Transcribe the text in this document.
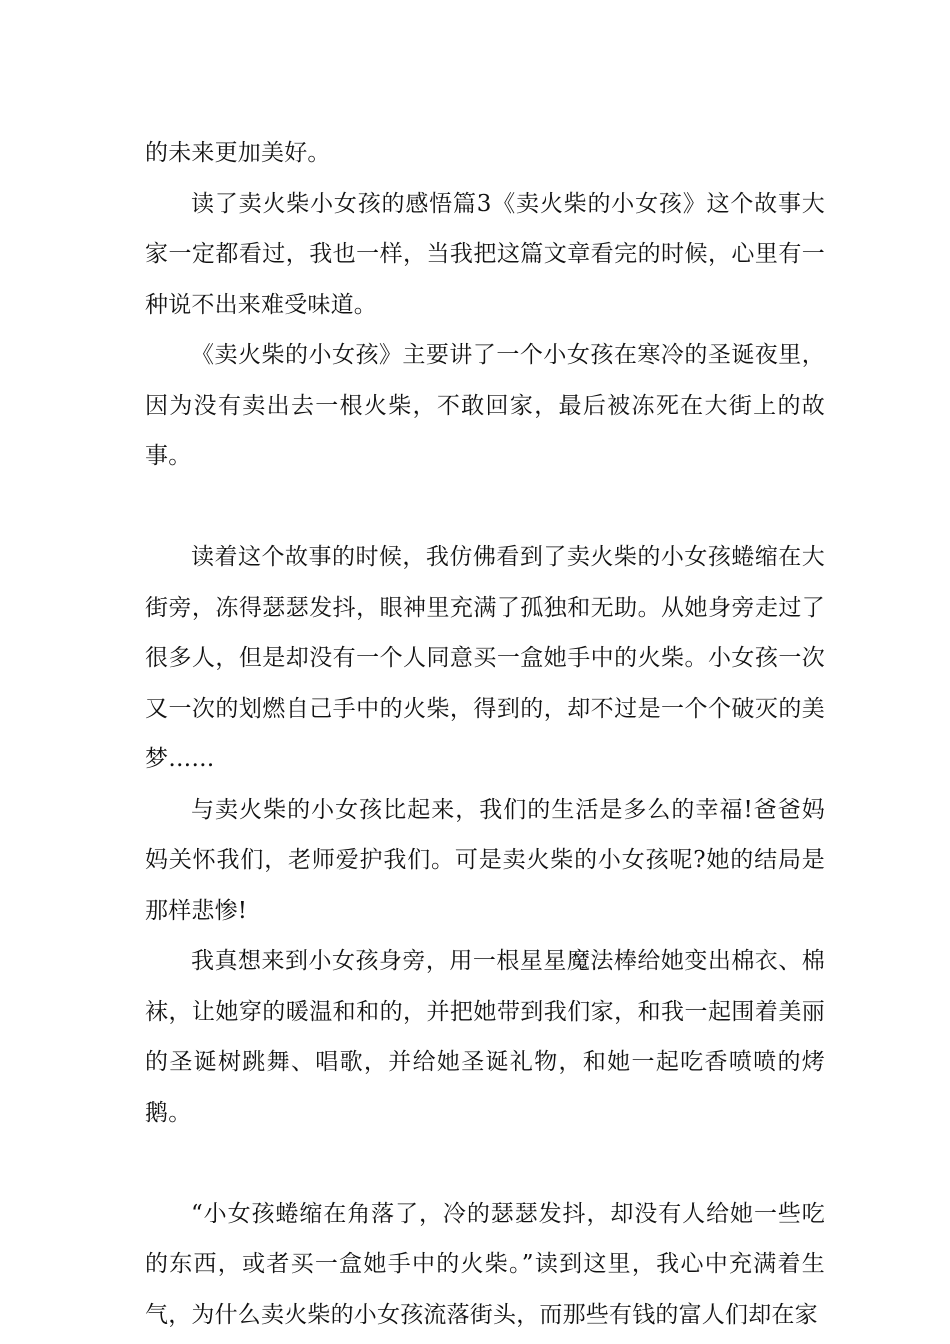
的未来更加美好。

读了卖火柴小女孩的感悟篇3《卖火柴的小女孩》这个故事大家一定都看过，我也一样，当我把这篇文章看完的时候，心里有一种说不出来难受味道。

《卖火柴的小女孩》主要讲了一个小女孩在寒冷的圣诞夜里，因为没有卖出去一根火柴，不敢回家，最后被冻死在大街上的故事。

读着这个故事的时候，我仿佛看到了卖火柴的小女孩蜷缩在大街旁，冻得瑟瑟发抖，眼神里充满了孤独和无助。从她身旁走过了很多人，但是却没有一个人同意买一盒她手中的火柴。小女孩一次又一次的划燃自己手中的火柴，得到的，却不过是一个个破灭的美梦……

与卖火柴的小女孩比起来，我们的生活是多么的幸福!爸爸妈妈关怀我们，老师爱护我们。可是卖火柴的小女孩呢?她的结局是那样悲惨!

我真想来到小女孩身旁，用一根星星魔法棒给她变出棉衣、棉袜，让她穿的暖温和和的，并把她带到我们家，和我一起围着美丽的圣诞树跳舞、唱歌，并给她圣诞礼物，和她一起吃香喷喷的烤鹅。

“小女孩蜷缩在角落了，冷的瑟瑟发抖，却没有人给她一些吃的东西，或者买一盒她手中的火柴。”读到这里，我心中充满着生气，为什么卖火柴的小女孩流落街头，而那些有钱的富人们却在家
